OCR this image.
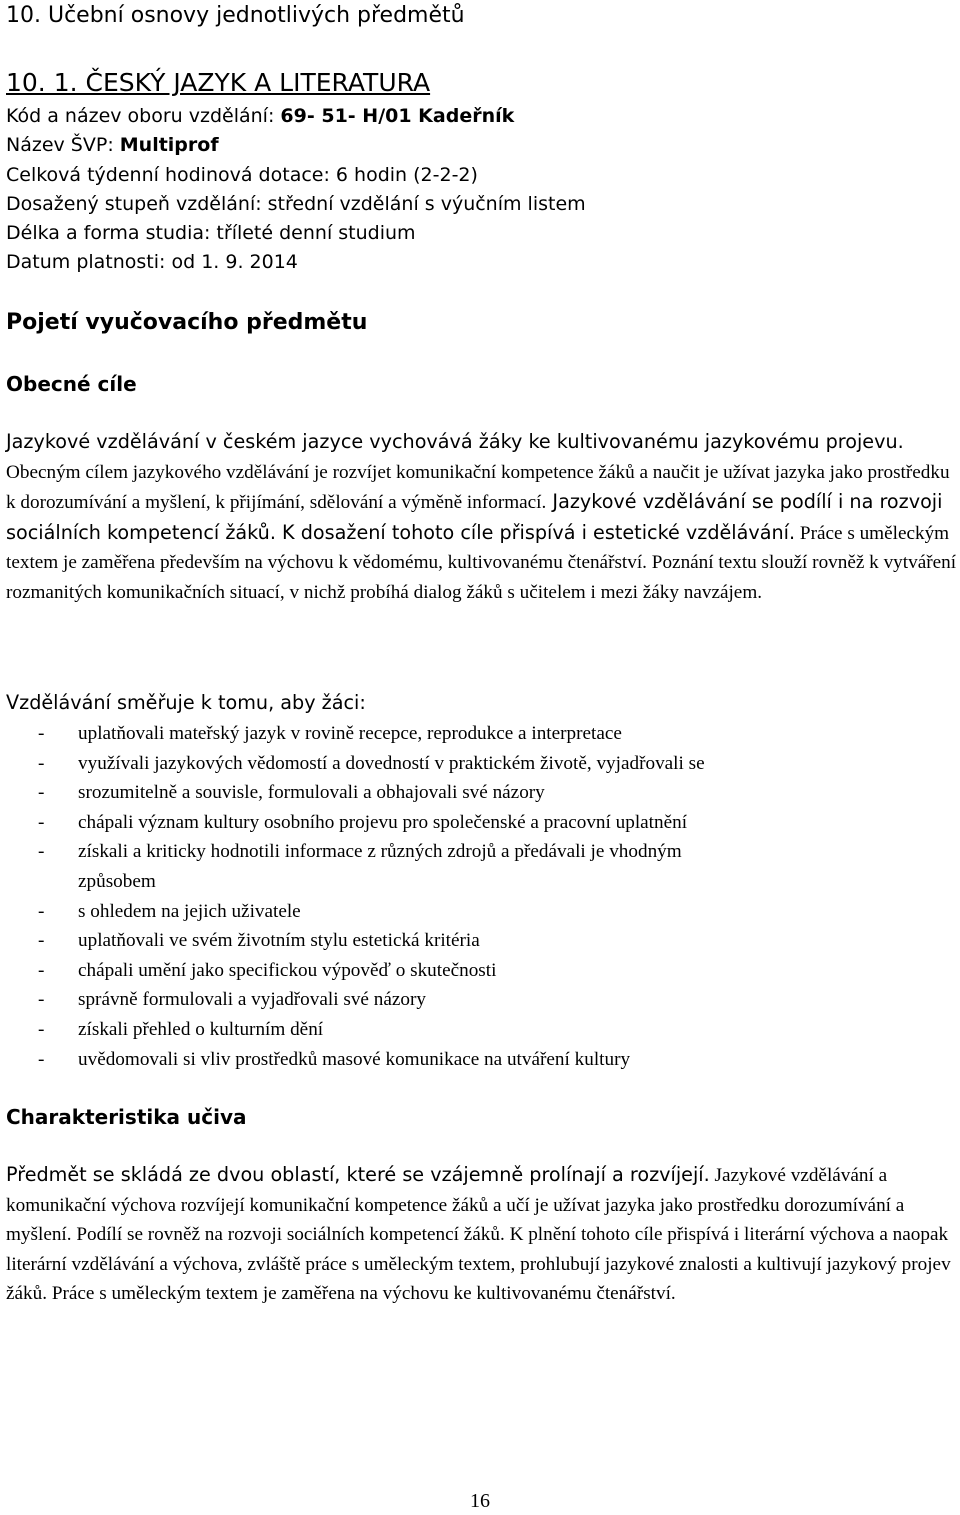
10. Učební osnovy jednotlivých předmětů
10. 1. ČESKÝ JAZYK A LITERATURA
Kód a název oboru vzdělání: 69- 51- H/01 Kadeřník
Název ŠVP: Multiprof
Celková týdenní hodinová dotace: 6 hodin (2-2-2)
Dosažený stupeň vzdělání: střední vzdělání s výučním listem
Délka a forma studia: tříleté denní studium
Datum platnosti: od 1. 9. 2014
Pojetí vyučovacího předmětu
Obecné cíle

Jazykové vzdělávání v českém jazyce vychovává žáky ke kultivovanému jazykovému projevu. Obecným cílem jazykového vzdělávání je rozvíjet komunikační kompetence žáků a naučit je užívat jazyka jako prostředku k dorozumívání a myšlení, k přijímání, sdělování a výměně informací. Jazykové vzdělávání se podílí i na rozvoji sociálních kompetencí žáků. K dosažení tohoto cíle přispívá i estetické vzdělávání. Práce s uměleckým textem je zaměřena především na výchovu k vědomému, kultivovanému čtenářství. Poznání textu slouží rovněž k vytváření rozmanitých komunikačních situací, v nichž probíhá dialog žáků s učitelem i mezi žáky navzájem.

Vzdělávání směřuje k tomu, aby žáci:
- uplatňovali mateřský jazyk v rovině recepce, reprodukce a interpretace
- využívali jazykových vědomostí a dovedností v praktickém životě, vyjadřovali se
- srozumitelně a souvisle, formulovali a obhajovali své názory
- chápali význam kultury osobního projevu pro společenské a pracovní uplatnění
- získali a kriticky hodnotili informace z různých zdrojů a předávali je vhodným
způsobem
- s ohledem na jejich uživatele
- uplatňovali ve svém životním stylu estetická kritéria
- chápali umění jako specifickou výpověď o skutečnosti
- správně formulovali a vyjadřovali své názory
- získali přehled o kulturním dění
- uvědomovali si vliv prostředků masové komunikace na utváření kultury
Charakteristika učiva

Předmět se skládá ze dvou oblastí, které se vzájemně prolínají a rozvíjejí. Jazykové vzdělávání a komunikační výchova rozvíjejí komunikační kompetence žáků a učí je užívat jazyka jako prostředku dorozumívání a myšlení. Podílí se rovněž na rozvoji sociálních kompetencí žáků. K plnění tohoto cíle přispívá i literární výchova a naopak literární vzdělávání a výchova, zvláště práce s uměleckým textem, prohlubují jazykové znalosti a kultivují jazykový projev žáků. Práce s uměleckým textem je zaměřena na výchovu ke kultivovanému čtenářství.

16
